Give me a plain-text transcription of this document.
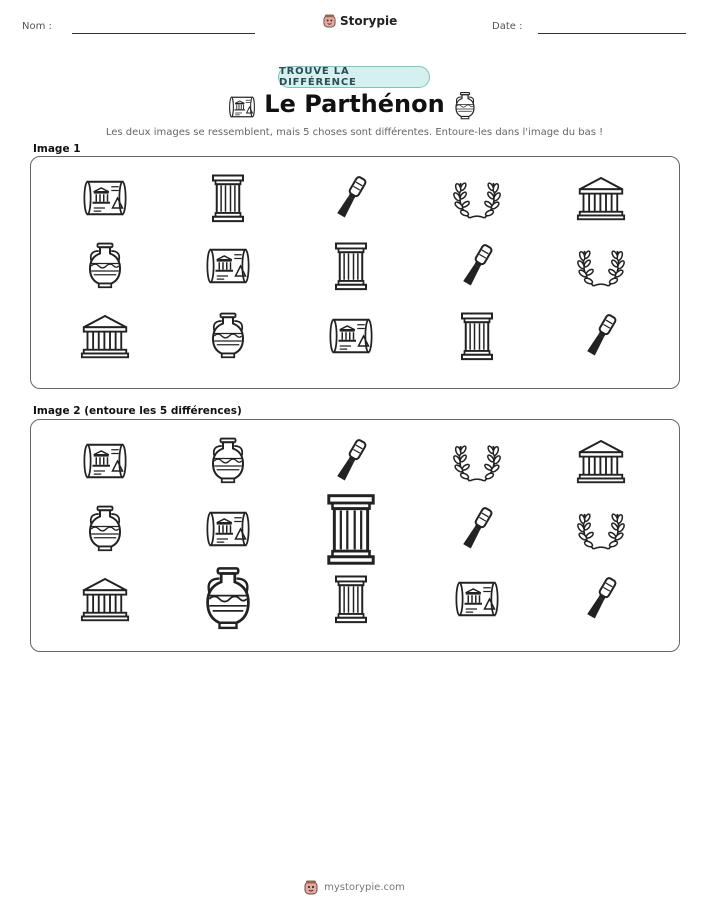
Nom :	Storypie	Date :
TROUVE LA DIFFÉRENCE
Le Parthénon
Les deux images se ressemblent, mais 5 choses sont différentes. Entoure-les dans l'image du bas !
Image 1
Image 2 (entoure les 5 différences)
mystorypie.com
